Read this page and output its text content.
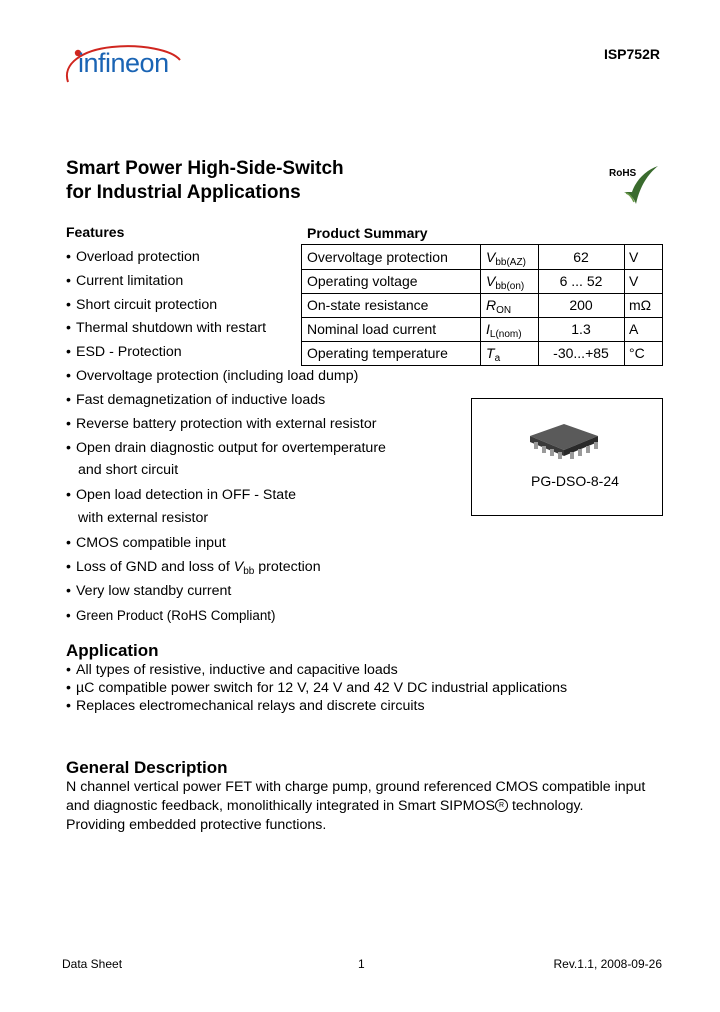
infineon	ISP752R
Smart Power High-Side-Switch
for Industrial Applications
RoHS
Features
• Overload protection
• Current limitation
• Short circuit protection
• Thermal shutdown with restart
• ESD - Protection
• Overvoltage protection (including load dump)
• Fast demagnetization of inductive loads
• Reverse battery protection with external resistor
• Open drain diagnostic output for overtemperature
and short circuit
• Open load detection in OFF - State
with external resistor
• CMOS compatible input
• Loss of GND and loss of $V_{bb}$ protection
• Very low standby current
• Green Product (RoHS Compliant)
Product Summary
Overvoltage protection	$V_{bb(AZ)}$	62	V
Operating voltage	$V_{bb(on)}$	6 ... 52	V
On-state resistance	$R_{ON}$	200	mΩ
Nominal load current	$I_{L(nom)}$	1.3	A
Operating temperature	$T_a$	-30...+85	°C
PG-DSO-8-24
Application
• All types of resistive, inductive and capacitive loads
• µC compatible power switch for 12 V, 24 V and 42 V DC industrial applications
• Replaces electromechanical relays and discrete circuits
General Description
N channel vertical power FET with charge pump, ground referenced CMOS compatible input
and diagnostic feedback, monolithically integrated in Smart SIPMOS R technology.
Providing embedded protective functions.
Data Sheet	1	Rev.1.1, 2008-09-26
